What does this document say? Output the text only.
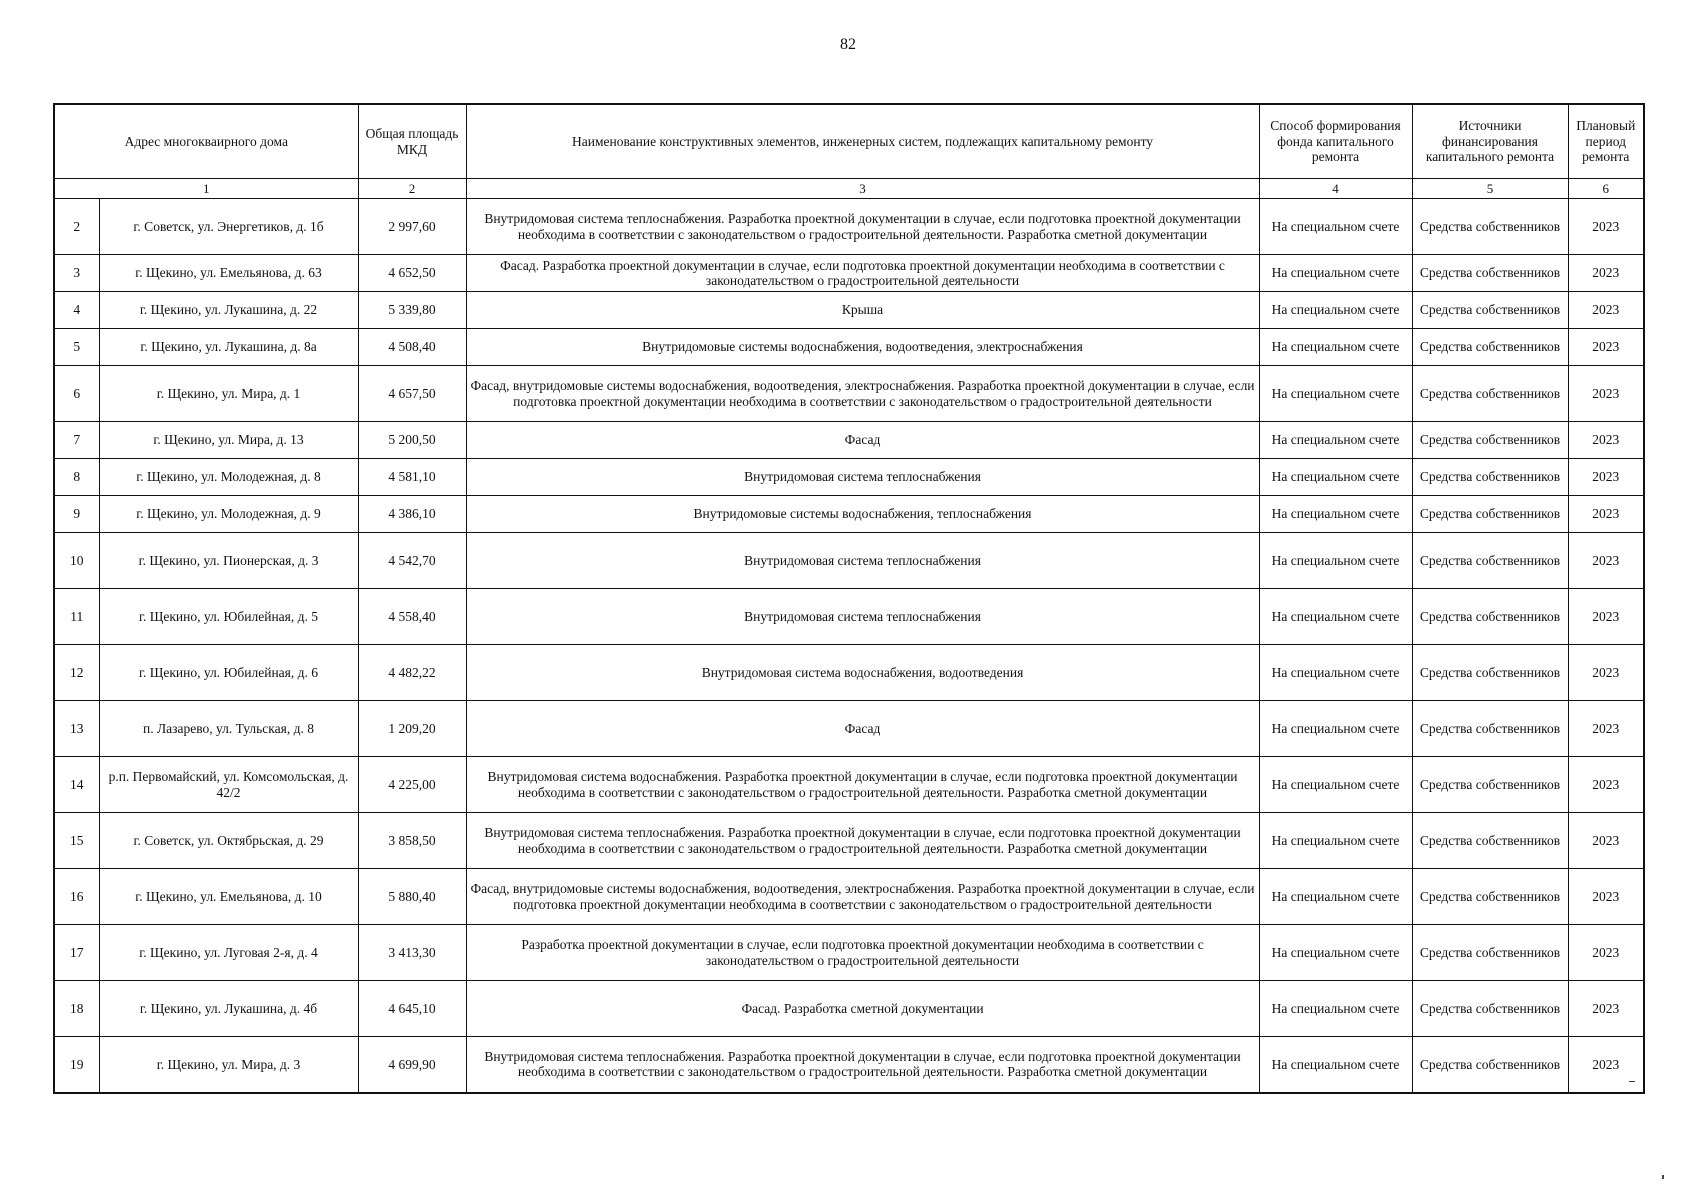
82
Адрес многокваирного дома		Общая площадь МКД	Наименование конструктивных элементов, инженерных систем, подлежащих капитальному ремонту	Способ формирования фонда капитального ремонта	Источники финансирования капитального ремонта	Плановый период ремонта
1		2	3	4	5	6
2	г. Советск, ул. Энергетиков, д. 1б	2 997,60	Внутридомовая система теплоснабжения. Разработка проектной документации в случае, если подготовка проектной документации необходима в соответствии с законодательством о градостроительной деятельности. Разработка сметной документации	На специальном счете	Средства собственников	2023
3	г. Щекино, ул. Емельянова, д. 63	4 652,50	Фасад. Разработка проектной документации в случае, если подготовка проектной документации необходима в соответствии с законодательством о градостроительной деятельности	На специальном счете	Средства собственников	2023
4	г. Щекино, ул. Лукашина, д. 22	5 339,80	Крыша	На специальном счете	Средства собственников	2023
5	г. Щекино, ул. Лукашина, д. 8а	4 508,40	Внутридомовые системы водоснабжения, водоотведения, электроснабжения	На специальном счете	Средства собственников	2023
6	г. Щекино, ул. Мира, д. 1	4 657,50	Фасад, внутридомовые системы водоснабжения, водоотведения, электроснабжения. Разработка проектной документации в случае, если подготовка проектной документации необходима в соответствии с законодательством о градостроительной деятельности	На специальном счете	Средства собственников	2023
7	г. Щекино, ул. Мира, д. 13	5 200,50	Фасад	На специальном счете	Средства собственников	2023
8	г. Щекино, ул. Молодежная, д. 8	4 581,10	Внутридомовая система теплоснабжения	На специальном счете	Средства собственников	2023
9	г. Щекино, ул. Молодежная, д. 9	4 386,10	Внутридомовые системы водоснабжения, теплоснабжения	На специальном счете	Средства собственников	2023
10	г. Щекино, ул. Пионерская, д. 3	4 542,70	Внутридомовая система теплоснабжения	На специальном счете	Средства собственников	2023
11	г. Щекино, ул. Юбилейная, д. 5	4 558,40	Внутридомовая система теплоснабжения	На специальном счете	Средства собственников	2023
12	г. Щекино, ул. Юбилейная, д. 6	4 482,22	Внутридомовая система водоснабжения, водоотведения	На специальном счете	Средства собственников	2023
13	п. Лазарево, ул. Тульская, д. 8	1 209,20	Фасад	На специальном счете	Средства собственников	2023
14	р.п. Первомайский, ул. Комсомольская, д. 42/2	4 225,00	Внутридомовая система водоснабжения. Разработка проектной документации в случае, если подготовка проектной документации необходима в соответствии с законодательством о градостроительной деятельности. Разработка сметной документации	На специальном счете	Средства собственников	2023
15	г. Советск, ул. Октябрьская, д. 29	3 858,50	Внутридомовая система теплоснабжения. Разработка проектной документации в случае, если подготовка проектной документации необходима в соответствии с законодательством о градостроительной деятельности. Разработка сметной документации	На специальном счете	Средства собственников	2023
16	г. Щекино, ул. Емельянова, д. 10	5 880,40	Фасад, внутридомовые системы водоснабжения, водоотведения, электроснабжения. Разработка проектной документации в случае, если подготовка проектной документации необходима в соответствии с законодательством о градостроительной деятельности	На специальном счете	Средства собственников	2023
17	г. Щекино, ул. Луговая 2-я, д. 4	3 413,30	Разработка проектной документации в случае, если подготовка проектной документации необходима в соответствии с законодательством о градостроительной деятельности	На специальном счете	Средства собственников	2023
18	г. Щекино, ул. Лукашина, д. 4б	4 645,10	Фасад. Разработка сметной документации	На специальном счете	Средства собственников	2023
19	г. Щекино, ул. Мира, д. 3	4 699,90	Внутридомовая система теплоснабжения. Разработка проектной документации в случае, если подготовка проектной документации необходима в соответствии с законодательством о градостроительной деятельности. Разработка сметной документации	На специальном счете	Средства собственников	2023
